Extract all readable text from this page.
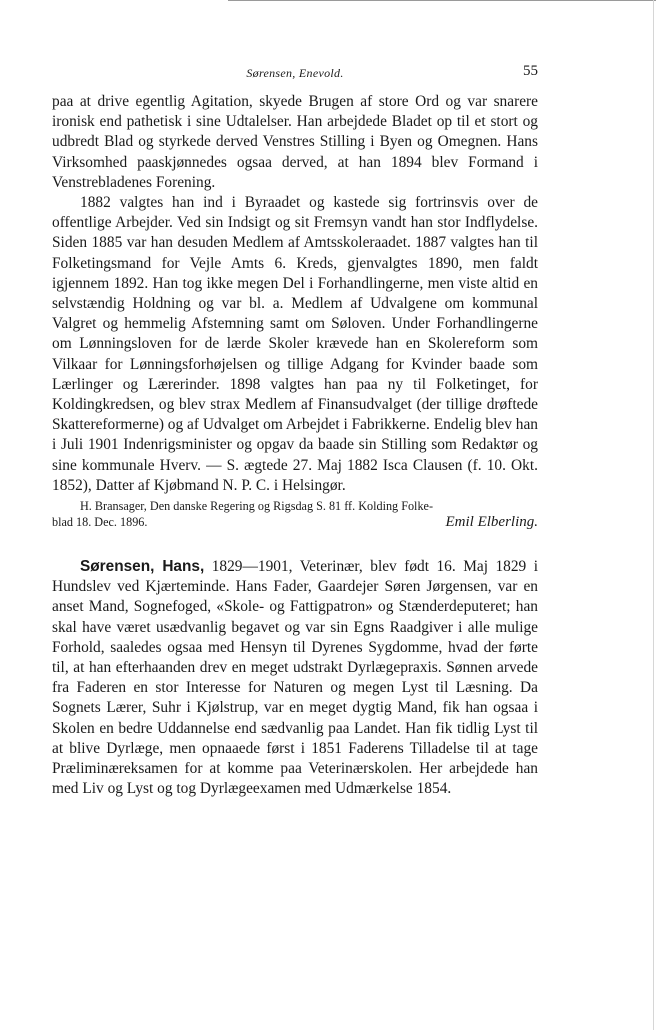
Sørensen, Enevold.	55

paa at drive egentlig Agitation, skyede Brugen af store Ord og var snarere ironisk end pathetisk i sine Udtalelser. Han arbejdede Bladet op til et stort og udbredt Blad og styrkede derved Venstres Stilling i Byen og Omegnen. Hans Virksomhed paaskjønnedes ogsaa derved, at han 1894 blev Formand i Venstrebladenes Forening.

1882 valgtes han ind i Byraadet og kastede sig fortrinsvis over de offentlige Arbejder. Ved sin Indsigt og sit Fremsyn vandt han stor Indflydelse. Siden 1885 var han desuden Medlem af Amtsskoleraadet. 1887 valgtes han til Folketingsmand for Vejle Amts 6. Kreds, gjenvalgtes 1890, men faldt igjennem 1892. Han tog ikke megen Del i Forhandlingerne, men viste altid en selvstændig Holdning og var bl. a. Medlem af Udvalgene om kommunal Valgret og hemmelig Afstemning samt om Søloven. Under Forhandlingerne om Lønningsloven for de lærde Skoler krævede han en Skolereform som Vilkaar for Lønningsforhøjelsen og tillige Adgang for Kvinder baade som Lærlinger og Lærerinder. 1898 valgtes han paa ny til Folketinget, for Koldingkredsen, og blev strax Medlem af Finansudvalget (der tillige drøftede Skattereformerne) og af Udvalget om Arbejdet i Fabrikkerne. Endelig blev han i Juli 1901 Indenrigsminister og opgav da baade sin Stilling som Redaktør og sine kommunale Hverv. — S. ægtede 27. Maj 1882 Isca Clausen (f. 10. Okt. 1852), Datter af Kjøbmand N. P. C. i Helsingør.

H. Bransager, Den danske Regering og Rigsdag S. 81 ff. Kolding Folke-
blad 18. Dec. 1896.	Emil Elberling.

Sørensen, Hans, 1829—1901, Veterinær, blev født 16. Maj 1829 i Hundslev ved Kjærteminde. Hans Fader, Gaardejer Søren Jørgensen, var en anset Mand, Sognefoged, «Skole- og Fattigpatron» og Stænderdeputeret; han skal have været usædvanlig begavet og var sin Egns Raadgiver i alle mulige Forhold, saaledes ogsaa med Hensyn til Dyrenes Sygdomme, hvad der førte til, at han efterhaanden drev en meget udstrakt Dyrlægepraxis. Sønnen arvede fra Faderen en stor Interesse for Naturen og megen Lyst til Læsning. Da Sognets Lærer, Suhr i Kjølstrup, var en meget dygtig Mand, fik han ogsaa i Skolen en bedre Uddannelse end sædvanlig paa Landet. Han fik tidlig Lyst til at blive Dyrlæge, men opnaaede først i 1851 Faderens Tilladelse til at tage Præliminæreksamen for at komme paa Veterinærskolen. Her arbejdede han med Liv og Lyst og tog Dyrlægeexamen med Udmærkelse 1854.
